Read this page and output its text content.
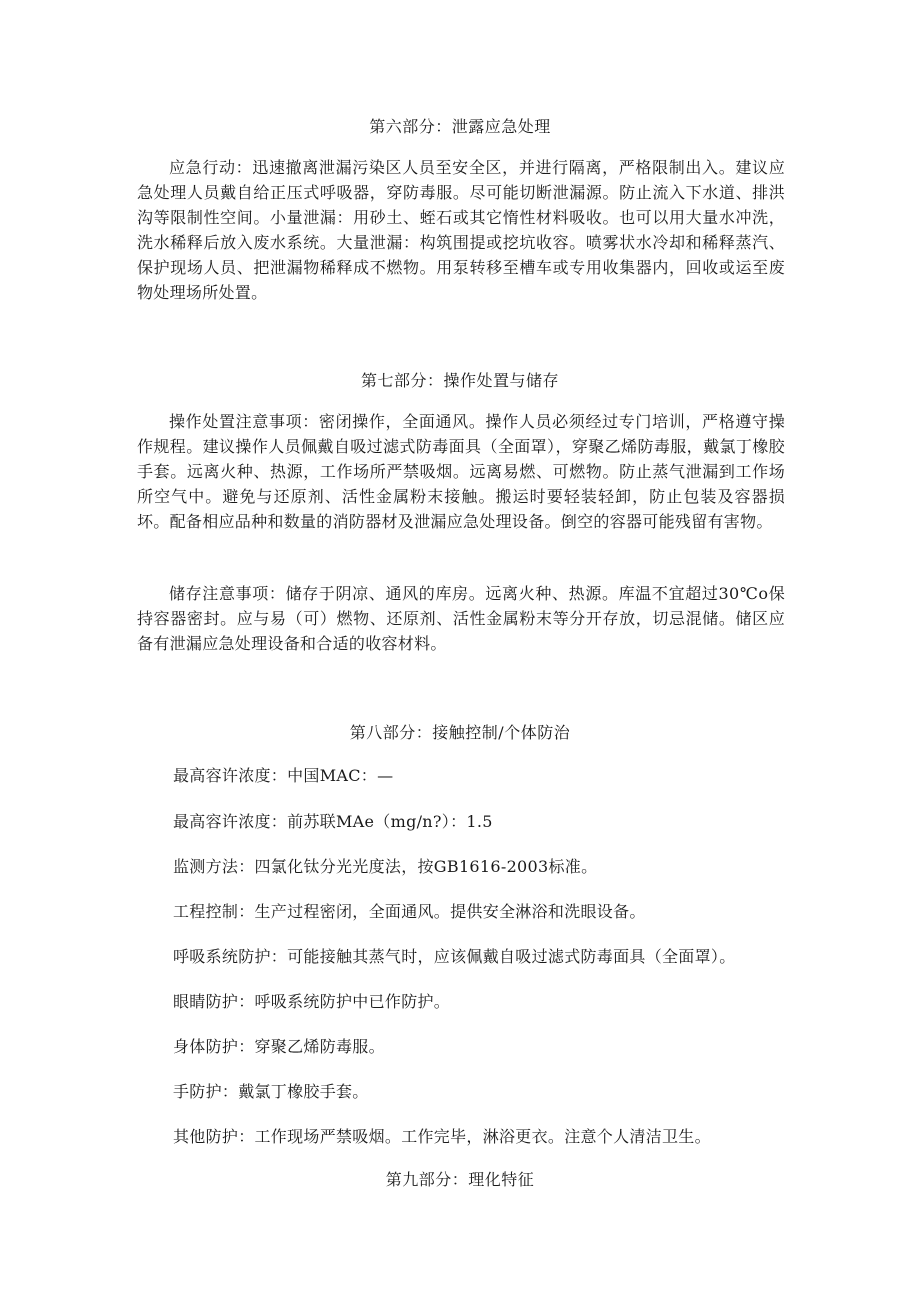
第六部分：泄露应急处理
应急行动：迅速撤离泄漏污染区人员至安全区，并进行隔离，严格限制出入。建议应急处理人员戴自给正压式呼吸器，穿防毒服。尽可能切断泄漏源。防止流入下水道、排洪沟等限制性空间。小量泄漏：用砂土、蛭石或其它惰性材料吸收。也可以用大量水冲洗，洗水稀释后放入废水系统。大量泄漏：构筑围提或挖坑收容。喷雾状水冷却和稀释蒸汽、保护现场人员、把泄漏物稀释成不燃物。用泵转移至槽车或专用收集器内，回收或运至废物处理场所处置。
第七部分：操作处置与储存
操作处置注意事项：密闭操作，全面通风。操作人员必须经过专门培训，严格遵守操作规程。建议操作人员佩戴自吸过滤式防毒面具（全面罩），穿聚乙烯防毒服，戴氯丁橡胶手套。远离火种、热源，工作场所严禁吸烟。远离易燃、可燃物。防止蒸气泄漏到工作场所空气中。避免与还原剂、活性金属粉末接触。搬运时要轻装轻卸，防止包装及容器损坏。配备相应品种和数量的消防器材及泄漏应急处理设备。倒空的容器可能残留有害物。
储存注意事项：储存于阴凉、通风的库房。远离火种、热源。库温不宜超过30℃o保持容器密封。应与易（可）燃物、还原剂、活性金属粉末等分开存放，切忌混储。储区应备有泄漏应急处理设备和合适的收容材料。
第八部分：接触控制/个体防治
最高容许浓度：中国MAC：—
最高容许浓度：前苏联MAe（mg/n?）：1.5
监测方法：四氯化钛分光光度法，按GB1616-2003标准。
工程控制：生产过程密闭，全面通风。提供安全淋浴和洗眼设备。
呼吸系统防护：可能接触其蒸气时，应该佩戴自吸过滤式防毒面具（全面罩）。
眼睛防护：呼吸系统防护中已作防护。
身体防护：穿聚乙烯防毒服。
手防护：戴氯丁橡胶手套。
其他防护：工作现场严禁吸烟。工作完毕，淋浴更衣。注意个人清洁卫生。
第九部分：理化特征
